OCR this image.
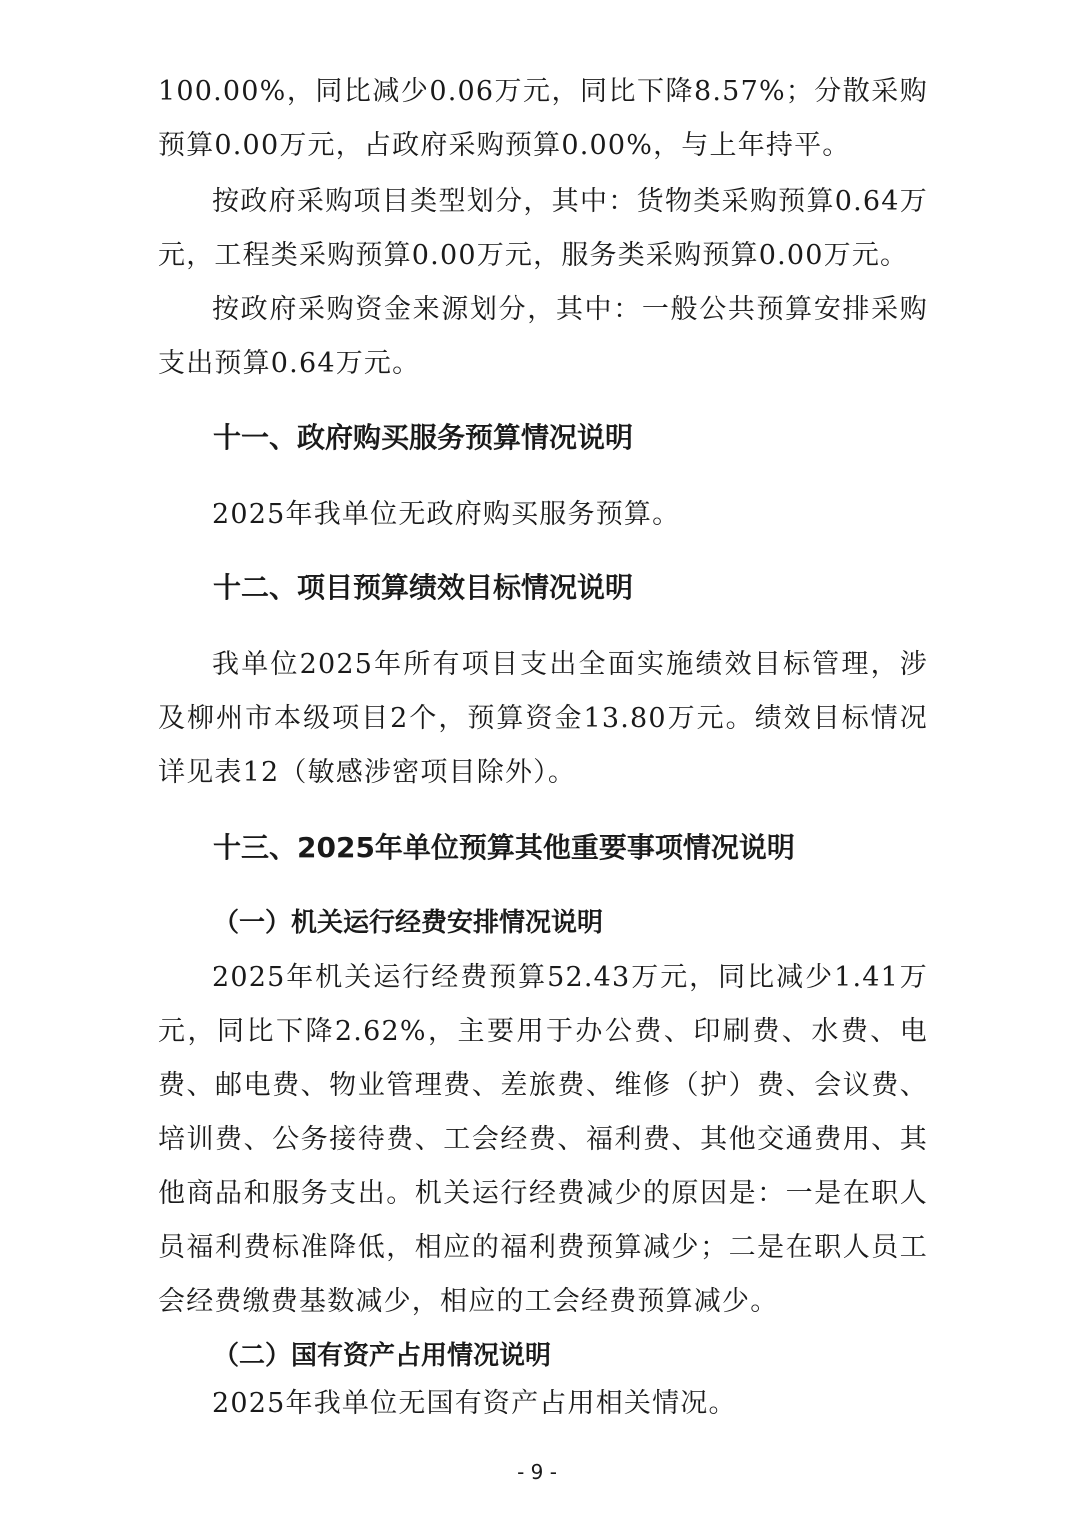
100.00%，同比减少0.06万元，同比下降8.57%；分散采购预算0.00万元，占政府采购预算0.00%，与上年持平。

按政府采购项目类型划分，其中：货物类采购预算0.64万元，工程类采购预算0.00万元，服务类采购预算0.00万元。

按政府采购资金来源划分，其中：一般公共预算安排采购支出预算0.64万元。

十一、政府购买服务预算情况说明

2025年我单位无政府购买服务预算。

十二、项目预算绩效目标情况说明

我单位2025年所有项目支出全面实施绩效目标管理，涉及柳州市本级项目2个，预算资金13.80万元。绩效目标情况详见表12（敏感涉密项目除外）。

十三、2025年单位预算其他重要事项情况说明
（一）机关运行经费安排情况说明

2025年机关运行经费预算52.43万元，同比减少1.41万元，同比下降2.62%，主要用于办公费、印刷费、水费、电费、邮电费、物业管理费、差旅费、维修（护）费、会议费、培训费、公务接待费、工会经费、福利费、其他交通费用、其他商品和服务支出。机关运行经费减少的原因是：一是在职人员福利费标准降低，相应的福利费预算减少；二是在职人员工会经费缴费基数减少，相应的工会经费预算减少。

（二）国有资产占用情况说明

2025年我单位无国有资产占用相关情况。

- 9 -
